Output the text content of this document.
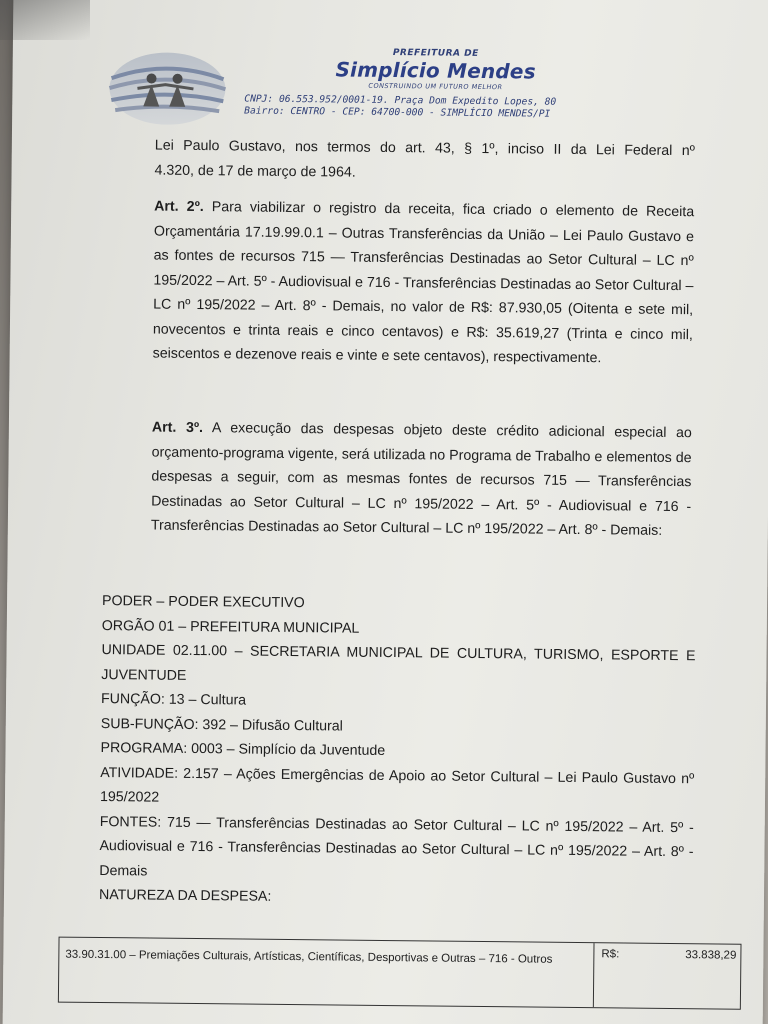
PREFEITURA DE
Simplício Mendes
CONSTRUINDO UM FUTURO MELHOR
CNPJ: 06.553.952/0001-19. Praça Dom Expedito Lopes, 80
Bairro: CENTRO - CEP: 64700-000 - SIMPLÍCIO MENDES/PI
Lei Paulo Gustavo, nos termos do art. 43, § 1º, inciso II da Lei Federal nº
4.320, de 17 de março de 1964.
Art. 2º. Para viabilizar o registro da receita, fica criado o elemento de Receita Orçamentária 17.19.99.0.1 – Outras Transferências da União – Lei Paulo Gustavo e as fontes de recursos 715 — Transferências Destinadas ao Setor Cultural – LC nº 195/2022 – Art. 5º - Audiovisual e 716 - Transferências Destinadas ao Setor Cultural – LC nº 195/2022 – Art. 8º - Demais, no valor de R$: 87.930,05 (Oitenta e sete mil, novecentos e trinta reais e cinco centavos) e R$: 35.619,27 (Trinta e cinco mil, seiscentos e dezenove reais e vinte e sete centavos), respectivamente.
Art. 3º. A execução das despesas objeto deste crédito adicional especial ao orçamento-programa vigente, será utilizada no Programa de Trabalho e elementos de despesas a seguir, com as mesmas fontes de recursos 715 — Transferências Destinadas ao Setor Cultural – LC nº 195/2022 – Art. 5º - Audiovisual e 716 - Transferências Destinadas ao Setor Cultural – LC nº 195/2022 – Art. 8º - Demais:
PODER – PODER EXECUTIVO
ORGÃO 01 – PREFEITURA MUNICIPAL
UNIDADE 02.11.00 – SECRETARIA MUNICIPAL DE CULTURA, TURISMO, ESPORTE E JUVENTUDE
FUNÇÃO: 13 – Cultura
SUB-FUNÇÃO: 392 – Difusão Cultural
PROGRAMA: 0003 – Simplício da Juventude
ATIVIDADE: 2.157 – Ações Emergências de Apoio ao Setor Cultural – Lei Paulo Gustavo nº 195/2022
FONTES: 715 — Transferências Destinadas ao Setor Cultural – LC nº 195/2022 – Art. 5º - Audiovisual e 716 - Transferências Destinadas ao Setor Cultural – LC nº 195/2022 – Art. 8º - Demais
NATUREZA DA DESPESA:
33.90.31.00 – Premiações Culturais, Artísticas, Científicas, Desportivas e Outras – 716 - Outros	R$:	33.838,29
